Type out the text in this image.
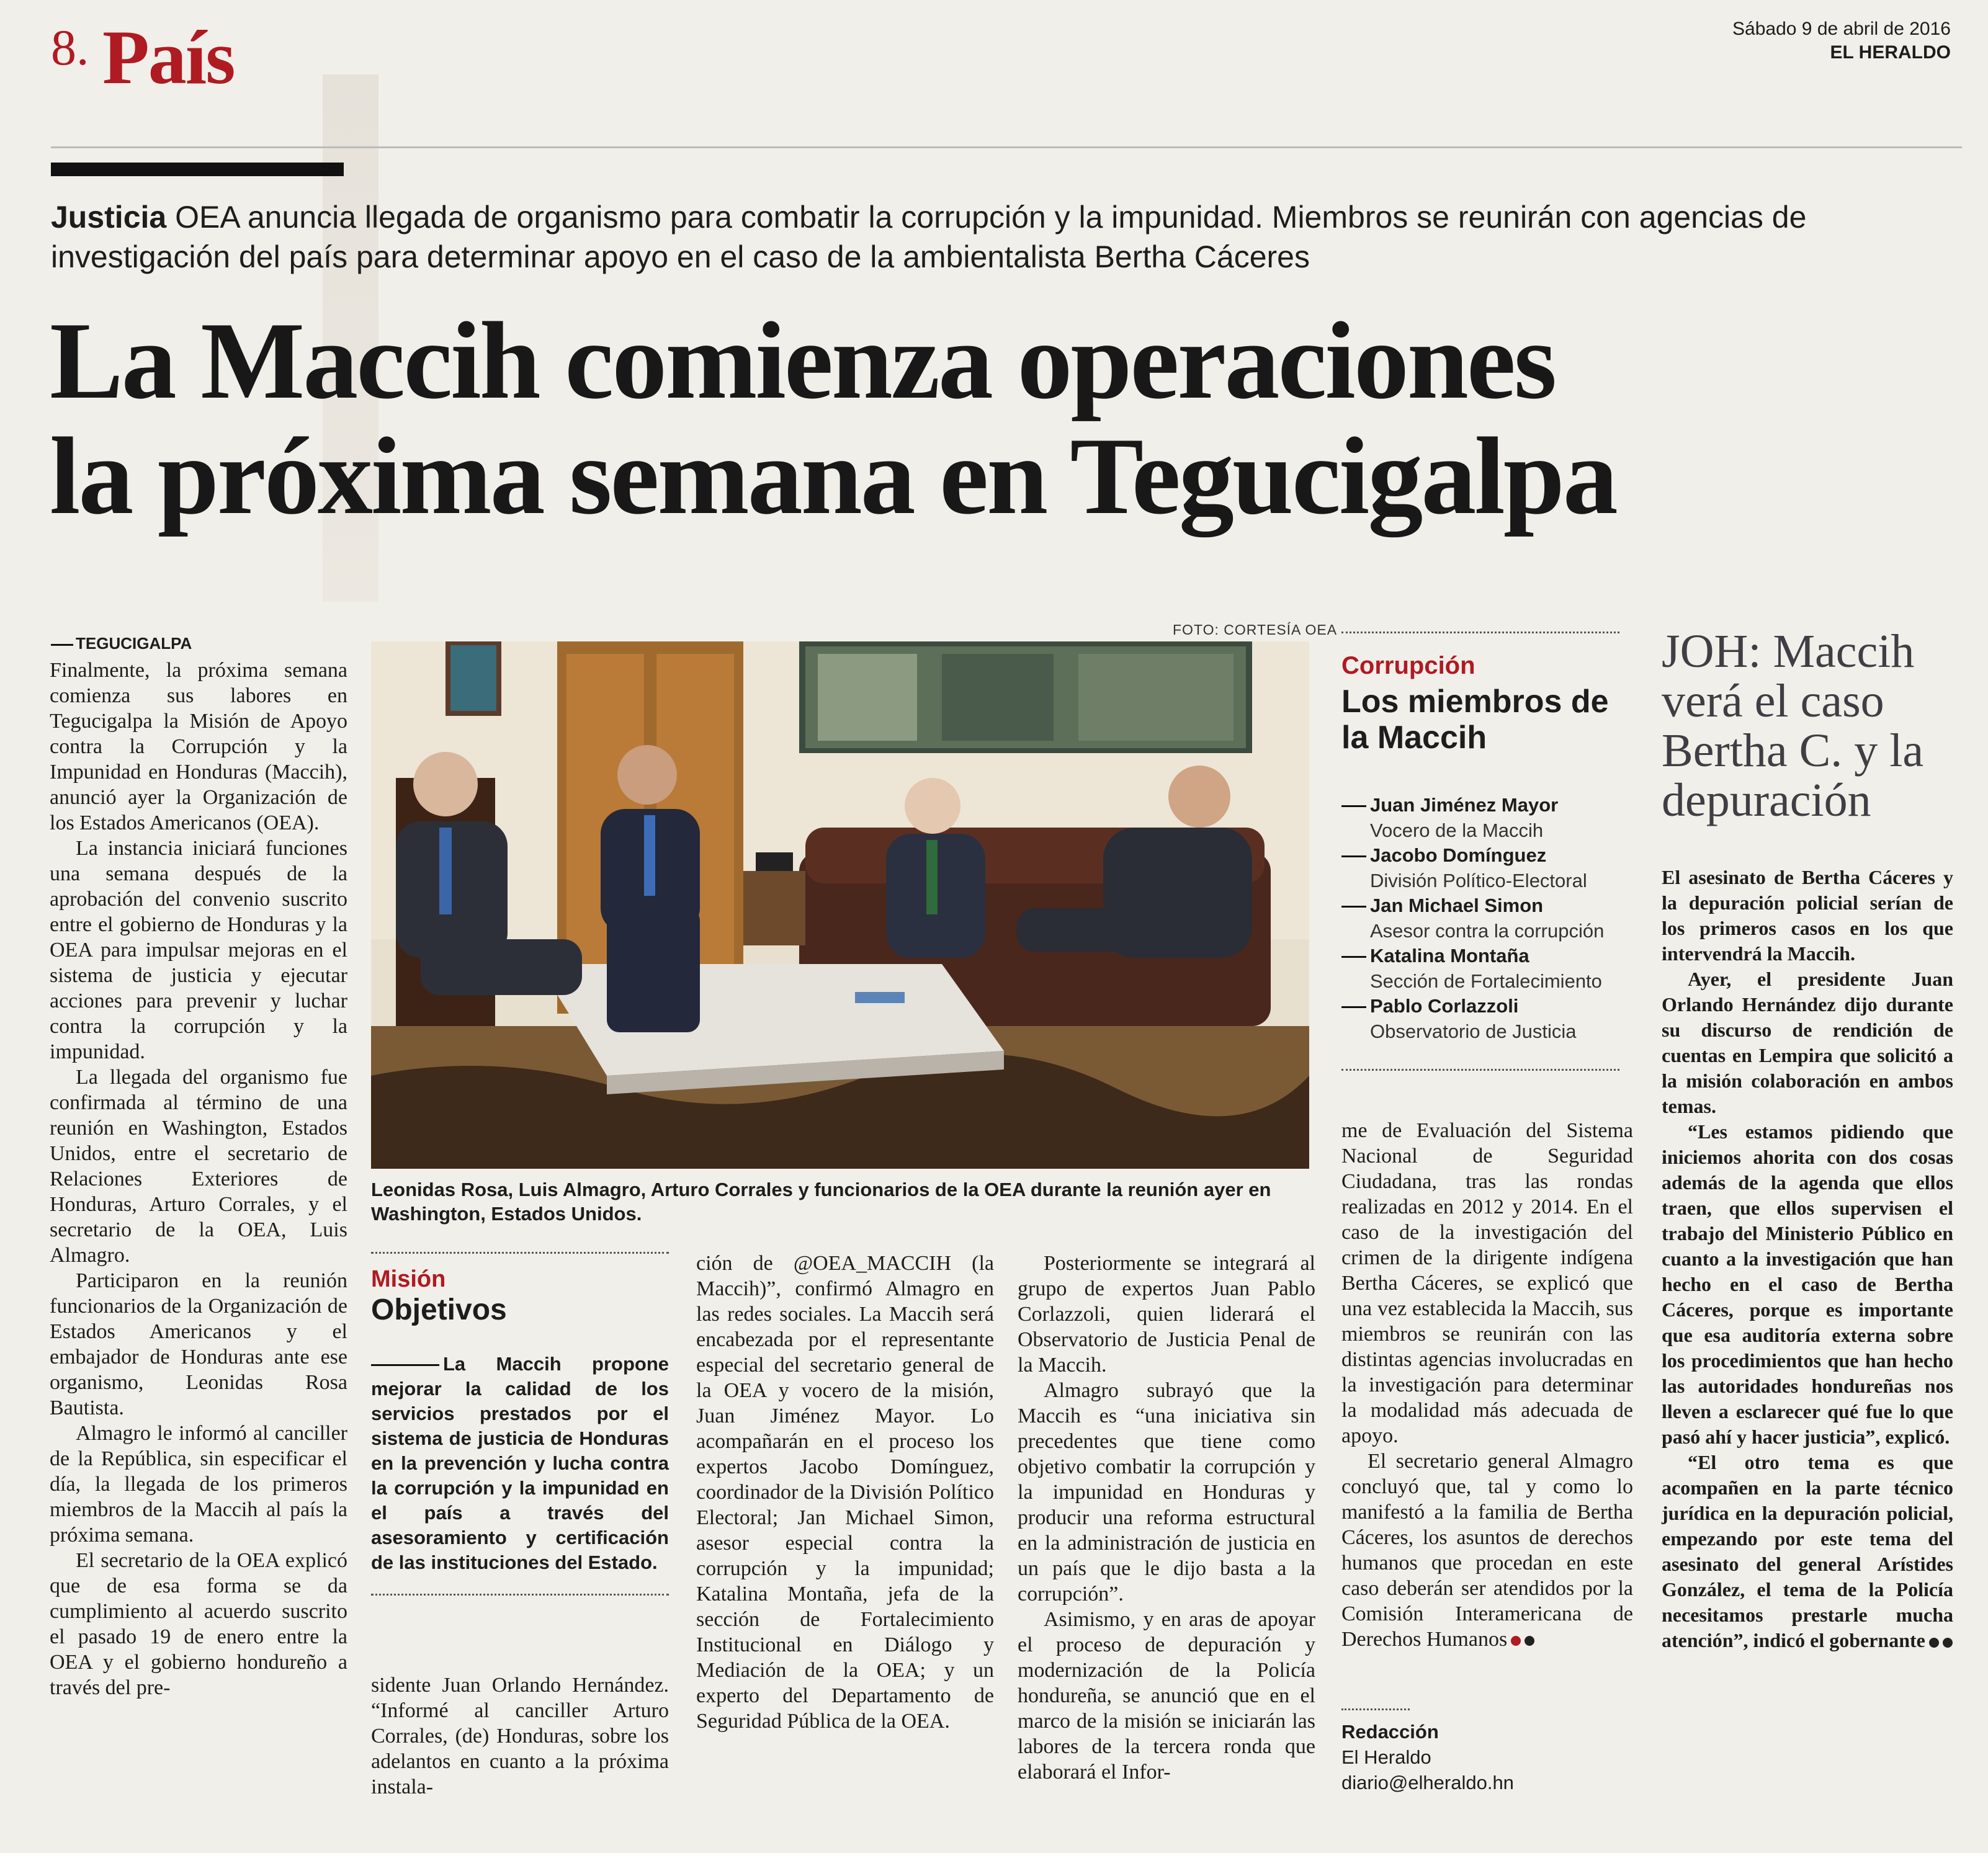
8. País	Sábado 9 de abril de 2016
EL HERALDO
Justicia OEA anuncia llegada de organismo para combatir la corrupción y la impunidad. Miembros se reunirán con agencias de investigación del país para determinar apoyo en el caso de la ambientalista Bertha Cáceres
La Maccih comienza operaciones
la próxima semana en Tegucigalpa
TEGUCIGALPA

Finalmente, la próxima semana comienza sus labores en Tegucigalpa la Misión de Apoyo contra la Corrupción y la Impunidad en Honduras (Maccih), anunció ayer la Organización de los Estados Americanos (OEA).

La instancia iniciará funciones una semana después de la aprobación del convenio suscrito entre el gobierno de Honduras y la OEA para impulsar mejoras en el sistema de justicia y ejecutar acciones para prevenir y luchar contra la corrupción y la impunidad.

La llegada del organismo fue confirmada al término de una reunión en Washington, Estados Unidos, entre el secretario de Relaciones Exteriores de Honduras, Arturo Corrales, y el secretario de la OEA, Luis Almagro.

Participaron en la reunión funcionarios de la Organización de Estados Americanos y el embajador de Honduras ante ese organismo, Leonidas Rosa Bautista.

Almagro le informó al canciller de la República, sin especificar el día, la llegada de los primeros miembros de la Maccih al país la próxima semana.

El secretario de la OEA explicó que de esa forma se da cumplimiento al acuerdo suscrito el pasado 19 de enero entre la OEA y el gobierno hondureño a través del pre-

FOTO: CORTESÍA OEA
Leonidas Rosa, Luis Almagro, Arturo Corrales y funcionarios de la OEA durante la reunión ayer en Washington, Estados Unidos.
Misión
Objetivos
La Maccih propone mejorar la calidad de los servicios prestados por el sistema de justicia de Honduras en la prevención y lucha contra la corrupción y la impunidad en el país a través del asesoramiento y certificación de las instituciones del Estado.

sidente Juan Orlando Hernández. “Informé al canciller Arturo Corrales, (de) Honduras, sobre los adelantos en cuanto a la próxima instala-

ción de @OEA_MACCIH (la Maccih)”, confirmó Almagro en las redes sociales. La Maccih será encabezada por el representante especial del secretario general de la OEA y vocero de la misión, Juan Jiménez Mayor. Lo acompañarán en el proceso los expertos Jacobo Domínguez, coordinador de la División Político Electoral; Jan Michael Simon, asesor especial contra la corrupción y la impunidad; Katalina Montaña, jefa de la sección de Fortalecimiento Institucional en Diálogo y Mediación de la OEA; y un experto del Departamento de Seguridad Pública de la OEA.

Posteriormente se integrará al grupo de expertos Juan Pablo Corlazzoli, quien liderará el Observatorio de Justicia Penal de la Maccih.

Almagro subrayó que la Maccih es “una iniciativa sin precedentes que tiene como objetivo combatir la corrupción y la impunidad en Honduras y producir una reforma estructural en la administración de justicia en un país que le dijo basta a la corrupción”.

Asimismo, y en aras de apoyar el proceso de depuración y modernización de la Policía hondureña, se anunció que en el marco de la misión se iniciarán las labores de la tercera ronda que elaborará el Infor-

Corrupción
Los miembros de la Maccih
Juan Jiménez Mayor
Vocero de la Maccih
Jacobo Domínguez
División Político-Electoral
Jan Michael Simon
Asesor contra la corrupción
Katalina Montaña
Sección de Fortalecimiento
Pablo Corlazzoli
Observatorio de Justicia

me de Evaluación del Sistema Nacional de Seguridad Ciudadana, tras las rondas realizadas en 2012 y 2014. En el caso de la investigación del crimen de la dirigente indígena Bertha Cáceres, se explicó que una vez establecida la Maccih, sus miembros se reunirán con las distintas agencias involucradas en la investigación para determinar la modalidad más adecuada de apoyo.

El secretario general Almagro concluyó que, tal y como lo manifestó a la familia de Bertha Cáceres, los asuntos de derechos humanos que procedan en este caso deberán ser atendidos por la Comisión Interamericana de Derechos Humanos

Redacción
El Heraldo
diario@elheraldo.hn
JOH: Maccih verá el caso Bertha C. y la depuración

El asesinato de Bertha Cáceres y la depuración policial serían de los primeros casos en los que intervendrá la Maccih.

Ayer, el presidente Juan Orlando Hernández dijo durante su discurso de rendición de cuentas en Lempira que solicitó a la misión colaboración en ambos temas.

“Les estamos pidiendo que iniciemos ahorita con dos cosas además de la agenda que ellos traen, que ellos supervisen el trabajo del Ministerio Público en cuanto a la investigación que han hecho en el caso de Bertha Cáceres, porque es importante que esa auditoría externa sobre los procedimientos que han hecho las autoridades hondureñas nos lleven a esclarecer qué fue lo que pasó ahí y hacer justicia”, explicó.

“El otro tema es que acompañen en la parte técnico jurídica en la depuración policial, empezando por este tema del asesinato del general Arístides González, el tema de la Policía necesitamos prestarle mucha atención”, indicó el gobernante
